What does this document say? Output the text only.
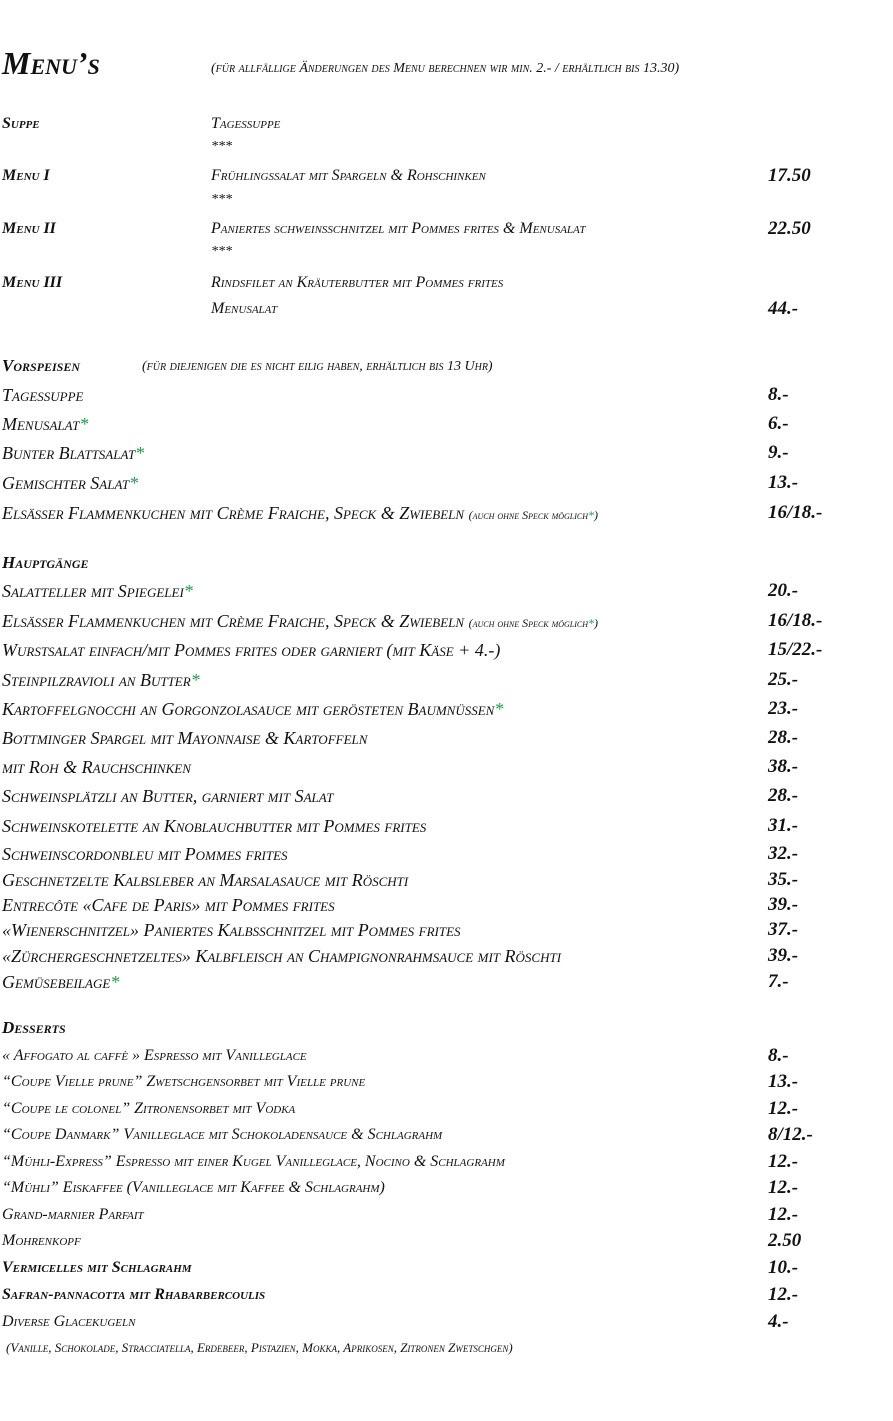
Menu’s	(für allfällige Änderungen des Menu berechnen wir min. 2.- / erhältlich bis 13.30)
Suppe	Tagessuppe
***
Menu I	Frühlingssalat mit Spargeln & Rohschinken	17.50
***
Menu II	Paniertes schweinsschnitzel mit Pommes frites & Menusalat	22.50
***
Menu III	Rindsfilet an Kräuterbutter mit Pommes frites
Menusalat	44.-
Vorspeisen	(für diejenigen die es nicht eilig haben, erhältlich bis 13 Uhr)
Tagessuppe	8.-
Menusalat*	6.-
Bunter Blattsalat*	9.-
Gemischter Salat*	13.-
Elsässer Flammenkuchen mit Crème Fraiche, Speck & Zwiebeln (auch ohne Speck möglich*)	16/18.-
Hauptgänge
Salatteller mit Spiegelei*	20.-
Elsässer Flammenkuchen mit Crème Fraiche, Speck & Zwiebeln (auch ohne Speck möglich*)	16/18.-
Wurstsalat einfach/mit Pommes frites oder garniert (mit Käse + 4.-)	15/22.-
Steinpilzravioli an Butter*	25.-
Kartoffelgnocchi an Gorgonzolasauce mit gerösteten Baumnüssen*	23.-
Bottminger Spargel mit Mayonnaise & Kartoffeln	28.-
mit Roh & Rauchschinken	38.-
Schweinsplätzli an Butter, garniert mit Salat	28.-
Schweinskotelette an Knoblauchbutter mit Pommes frites	31.-
Schweinscordonbleu mit Pommes frites	32.-
Geschnetzelte Kalbsleber an Marsalasauce mit Röschti	35.-
Entrecôte «Cafe de Paris» mit Pommes frites	39.-
«Wienerschnitzel» Paniertes Kalbsschnitzel mit Pommes frites	37.-
«Zürchergeschnetzeltes» Kalbfleisch an Champignonrahmsauce mit Röschti	39.-
Gemüsebeilage*	7.-
Desserts
« Affogato al caffè » Espresso mit Vanilleglace	8.-
“Coupe Vielle prune” Zwetschgensorbet mit Vielle prune	13.-
“Coupe le colonel” Zitronensorbet mit Vodka	12.-
“Coupe Danmark” Vanilleglace mit Schokoladensauce & Schlagrahm	8/12.-
“Mühli-Express” Espresso mit einer Kugel Vanilleglace, Nocino & Schlagrahm	12.-
“Mühli” Eiskaffee (Vanilleglace mit Kaffee & Schlagrahm)	12.-
Grand-marnier Parfait	12.-
Mohrenkopf	2.50
Vermicelles mit Schlagrahm	10.-
Safran-pannacotta mit Rhabarbercoulis	12.-
Diverse Glacekugeln	4.-
(Vanille, Schokolade, Stracciatella, Erdebeer, Pistazien, Mokka, Aprikosen, Zitronen Zwetschgen)
